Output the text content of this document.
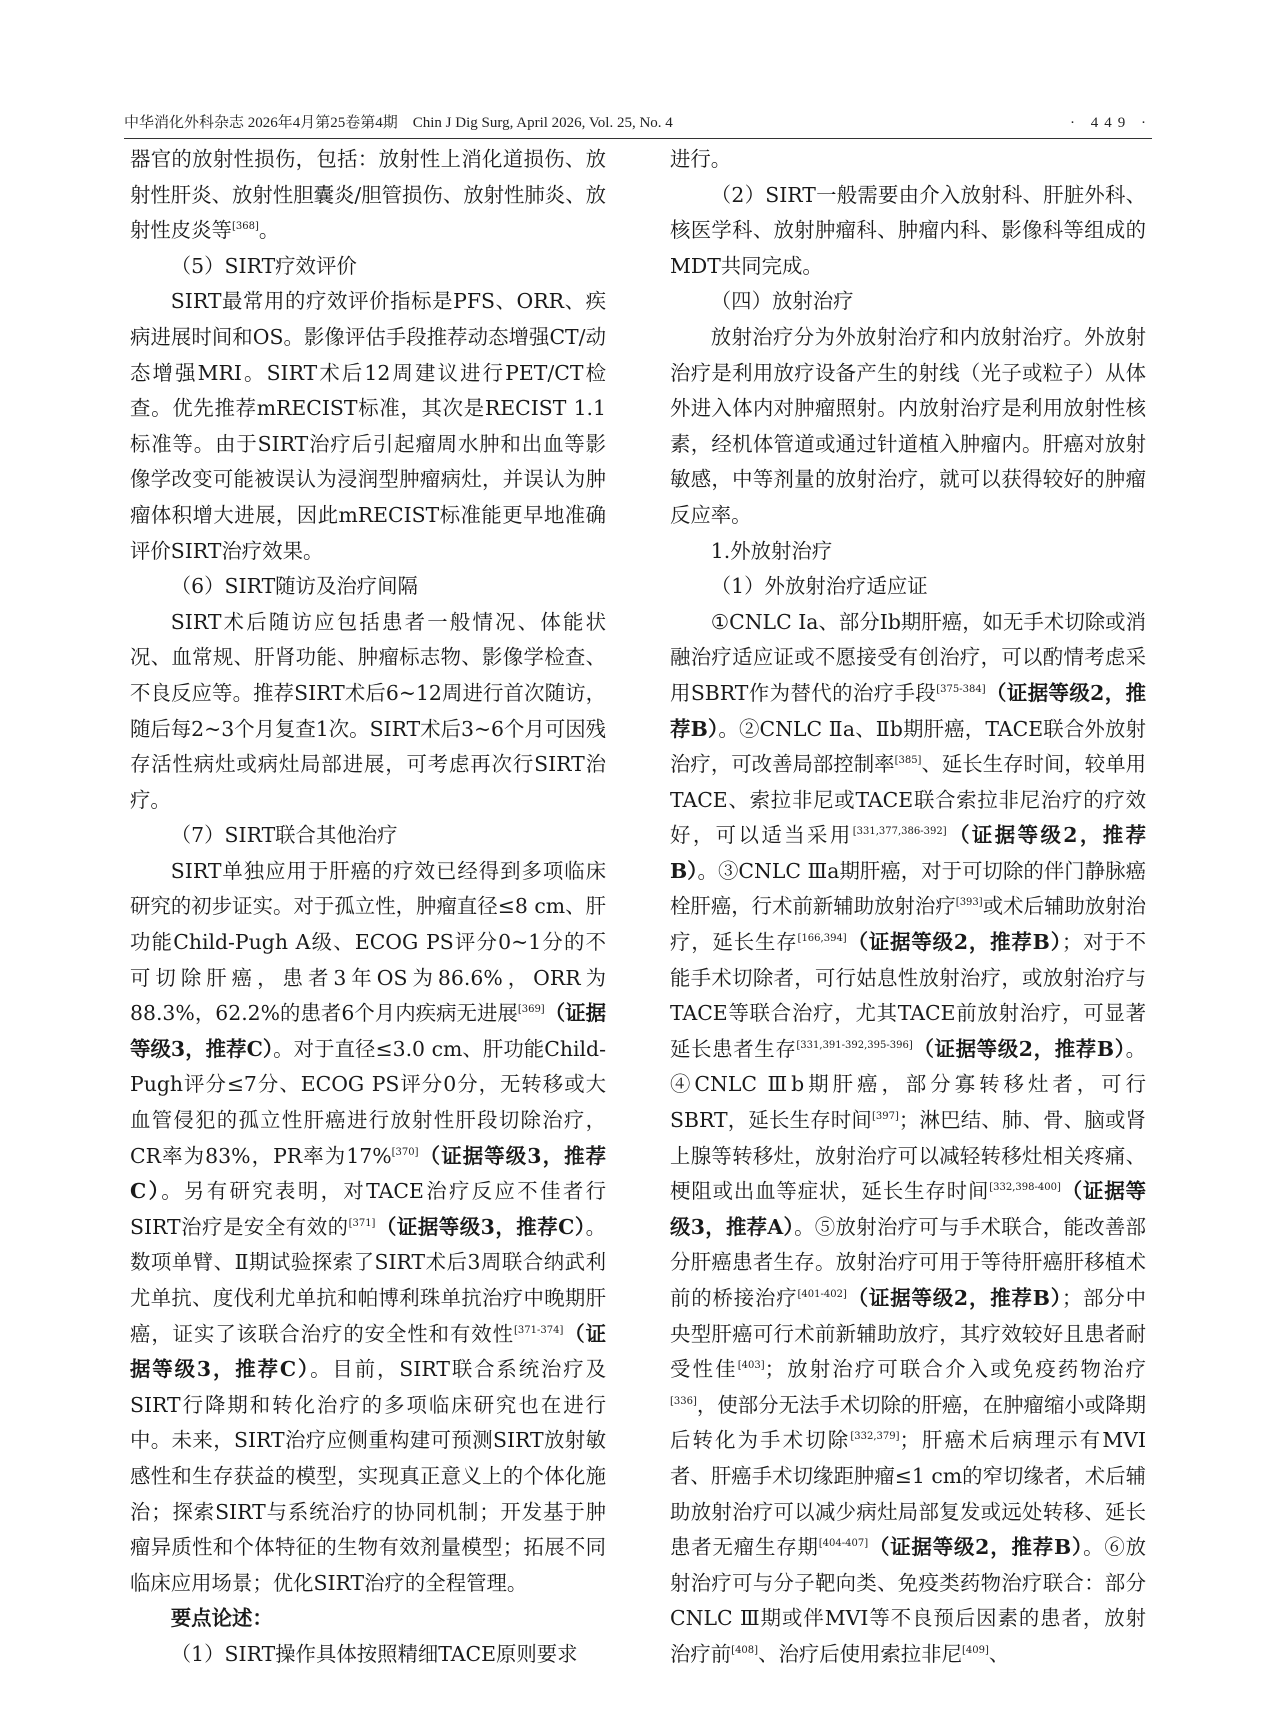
中华消化外科杂志 2026年4月第25卷第4期　Chin J Dig Surg, April 2026, Vol. 25, No. 4	· 449 ·

器官的放射性损伤，包括：放射性上消化道损伤、放射性肝炎、放射性胆囊炎/胆管损伤、放射性肺炎、放射性皮炎等[368]。

（5）SIRT疗效评价

SIRT最常用的疗效评价指标是PFS、ORR、疾病进展时间和OS。影像评估手段推荐动态增强CT/动态增强MRI。SIRT术后12周建议进行PET/CT检查。优先推荐mRECIST标准，其次是RECIST 1.1标准等。由于SIRT治疗后引起瘤周水肿和出血等影像学改变可能被误认为浸润型肿瘤病灶，并误认为肿瘤体积增大进展，因此mRECIST标准能更早地准确评价SIRT治疗效果。

（6）SIRT随访及治疗间隔

SIRT术后随访应包括患者一般情况、体能状况、血常规、肝肾功能、肿瘤标志物、影像学检查、不良反应等。推荐SIRT术后6~12周进行首次随访，随后每2~3个月复查1次。SIRT术后3~6个月可因残存活性病灶或病灶局部进展，可考虑再次行SIRT治疗。

（7）SIRT联合其他治疗

SIRT单独应用于肝癌的疗效已经得到多项临床研究的初步证实。对于孤立性，肿瘤直径≤8 cm、肝功能Child-Pugh A级、ECOG PS评分0~1分的不可切除肝癌，患者3年OS为86.6%，ORR为88.3%，62.2%的患者6个月内疾病无进展[369]（证据等级3，推荐C）。对于直径≤3.0 cm、肝功能Child-Pugh评分≤7分、ECOG PS评分0分，无转移或大血管侵犯的孤立性肝癌进行放射性肝段切除治疗，CR率为83%，PR率为17%[370]（证据等级3，推荐C）。另有研究表明，对TACE治疗反应不佳者行SIRT治疗是安全有效的[371]（证据等级3，推荐C）。数项单臂、Ⅱ期试验探索了SIRT术后3周联合纳武利尤单抗、度伐利尤单抗和帕博利珠单抗治疗中晚期肝癌，证实了该联合治疗的安全性和有效性[371-374]（证据等级3，推荐C）。目前，SIRT联合系统治疗及SIRT行降期和转化治疗的多项临床研究也在进行中。未来，SIRT治疗应侧重构建可预测SIRT放射敏感性和生存获益的模型，实现真正意义上的个体化施治；探索SIRT与系统治疗的协同机制；开发基于肿瘤异质性和个体特征的生物有效剂量模型；拓展不同临床应用场景；优化SIRT治疗的全程管理。

要点论述：

（1）SIRT操作具体按照精细TACE原则要求

进行。

（2）SIRT一般需要由介入放射科、肝脏外科、核医学科、放射肿瘤科、肿瘤内科、影像科等组成的MDT共同完成。

（四）放射治疗

放射治疗分为外放射治疗和内放射治疗。外放射治疗是利用放疗设备产生的射线（光子或粒子）从体外进入体内对肿瘤照射。内放射治疗是利用放射性核素，经机体管道或通过针道植入肿瘤内。肝癌对放射敏感，中等剂量的放射治疗，就可以获得较好的肿瘤反应率。

1.外放射治疗

（1）外放射治疗适应证

①CNLC Ⅰa、部分Ⅰb期肝癌，如无手术切除或消融治疗适应证或不愿接受有创治疗，可以酌情考虑采用SBRT作为替代的治疗手段[375-384]（证据等级2，推荐B）。②CNLC Ⅱa、Ⅱb期肝癌，TACE联合外放射治疗，可改善局部控制率[385]、延长生存时间，较单用TACE、索拉非尼或TACE联合索拉非尼治疗的疗效好，可以适当采用[331,377,386-392]（证据等级2，推荐B）。③CNLC Ⅲa期肝癌，对于可切除的伴门静脉癌栓肝癌，行术前新辅助放射治疗[393]或术后辅助放射治疗，延长生存[166,394]（证据等级2，推荐B）；对于不能手术切除者，可行姑息性放射治疗，或放射治疗与TACE等联合治疗，尤其TACE前放射治疗，可显著延长患者生存[331,391-392,395-396]（证据等级2，推荐B）。④CNLC Ⅲb期肝癌，部分寡转移灶者，可行SBRT，延长生存时间[397]；淋巴结、肺、骨、脑或肾上腺等转移灶，放射治疗可以减轻转移灶相关疼痛、梗阻或出血等症状，延长生存时间[332,398-400]（证据等级3，推荐A）。⑤放射治疗可与手术联合，能改善部分肝癌患者生存。放射治疗可用于等待肝癌肝移植术前的桥接治疗[401-402]（证据等级2，推荐B）；部分中央型肝癌可行术前新辅助放疗，其疗效较好且患者耐受性佳[403]；放射治疗可联合介入或免疫药物治疗[336]，使部分无法手术切除的肝癌，在肿瘤缩小或降期后转化为手术切除[332,379]；肝癌术后病理示有MVI者、肝癌手术切缘距肿瘤≤1 cm的窄切缘者，术后辅助放射治疗可以减少病灶局部复发或远处转移、延长患者无瘤生存期[404-407]（证据等级2，推荐B）。⑥放射治疗可与分子靶向类、免疫类药物治疗联合：部分CNLC Ⅲ期或伴MVI等不良预后因素的患者，放射治疗前[408]、治疗后使用索拉非尼[409]、
